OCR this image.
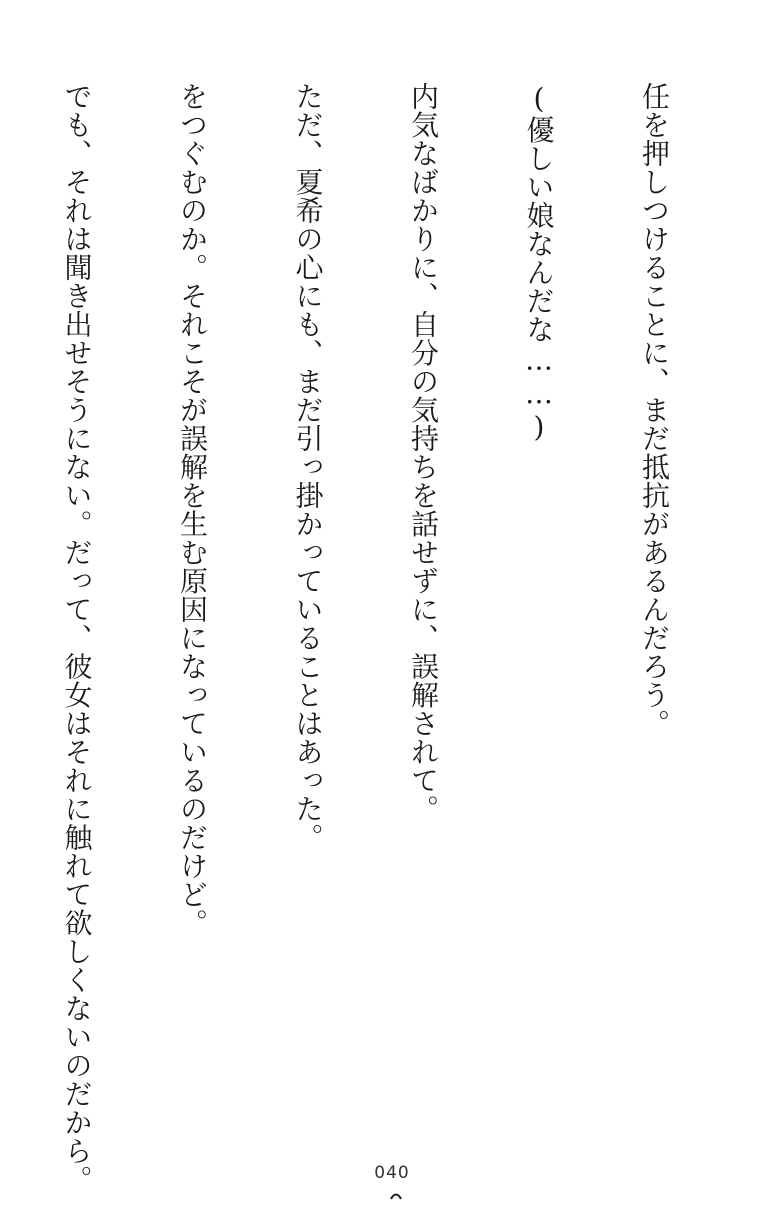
任を押しつけることに、まだ抵抗があるんだろう。

(優しい娘なんだな……)

内気なばかりに、自分の気持ちを話せずに、誤解されて。

ただ、夏希の心にも、まだ引っ掛かっていることはあった。

をつぐむのか。それこそが誤解を生む原因になっているのだけど。

でも、それは聞き出せそうにない。だって、彼女はそれに触れて欲しくないのだから。

	040
